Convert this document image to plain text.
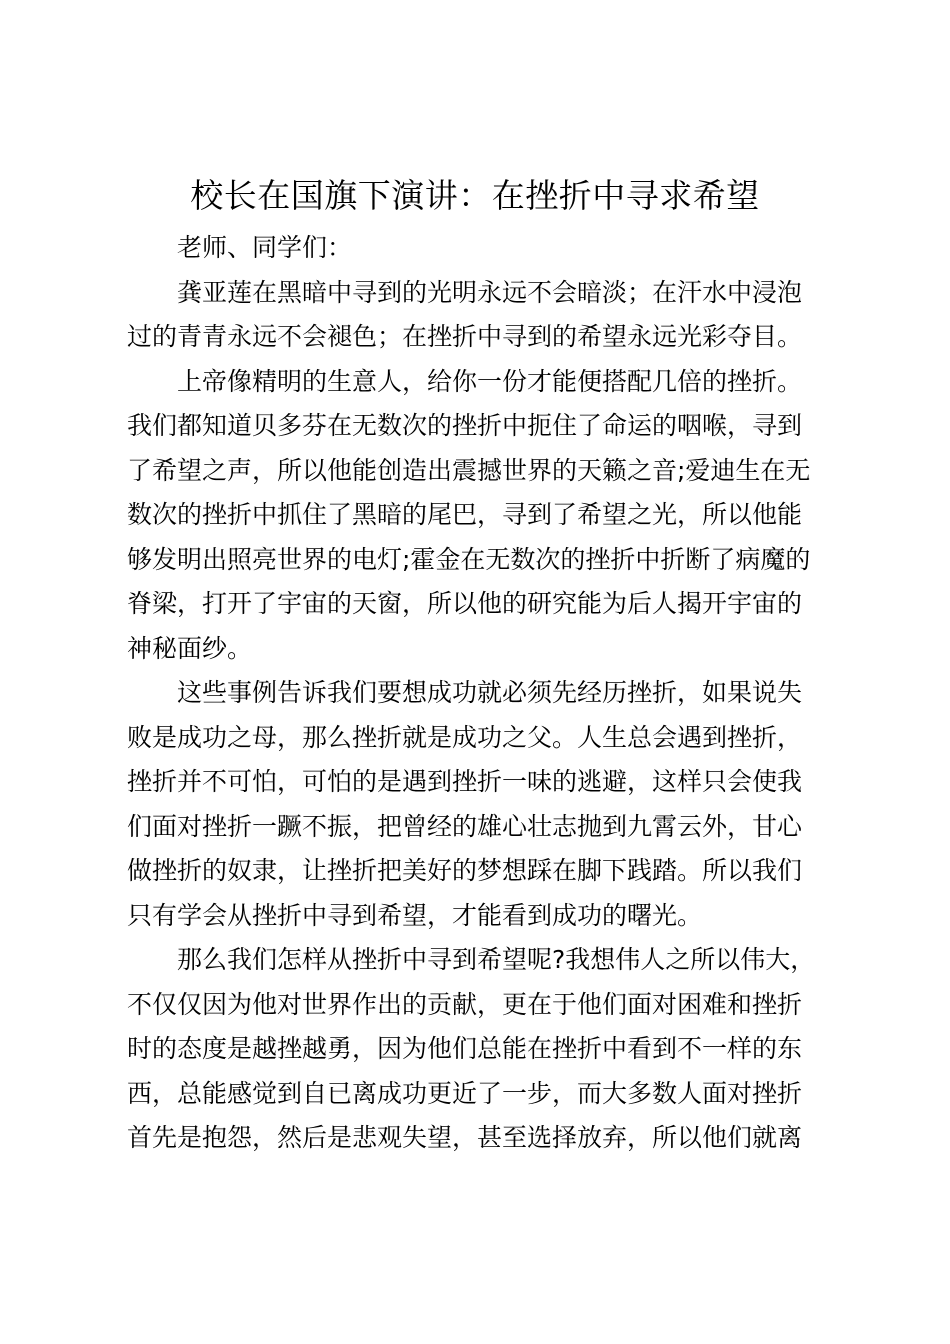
校长在国旗下演讲：在挫折中寻求希望

老师、同学们：

龚亚莲在黑暗中寻到的光明永远不会暗淡；在汗水中浸泡
过的青青永远不会褪色；在挫折中寻到的希望永远光彩夺目。

上帝像精明的生意人，给你一份才能便搭配几倍的挫折。
我们都知道贝多芬在无数次的挫折中扼住了命运的咽喉，寻到
了希望之声，所以他能创造出震撼世界的天籁之音;爱迪生在无
数次的挫折中抓住了黑暗的尾巴，寻到了希望之光，所以他能
够发明出照亮世界的电灯;霍金在无数次的挫折中折断了病魔的
脊梁，打开了宇宙的天窗，所以他的研究能为后人揭开宇宙的
神秘面纱。

这些事例告诉我们要想成功就必须先经历挫折，如果说失
败是成功之母，那么挫折就是成功之父。人生总会遇到挫折，
挫折并不可怕，可怕的是遇到挫折一味的逃避，这样只会使我
们面对挫折一蹶不振，把曾经的雄心壮志抛到九霄云外，甘心
做挫折的奴隶，让挫折把美好的梦想踩在脚下践踏。所以我们
只有学会从挫折中寻到希望，才能看到成功的曙光。

那么我们怎样从挫折中寻到希望呢?我想伟人之所以伟大，
不仅仅因为他对世界作出的贡献，更在于他们面对困难和挫折
时的态度是越挫越勇，因为他们总能在挫折中看到不一样的东
西，总能感觉到自已离成功更近了一步，而大多数人面对挫折
首先是抱怨，然后是悲观失望，甚至选择放弃，所以他们就离
